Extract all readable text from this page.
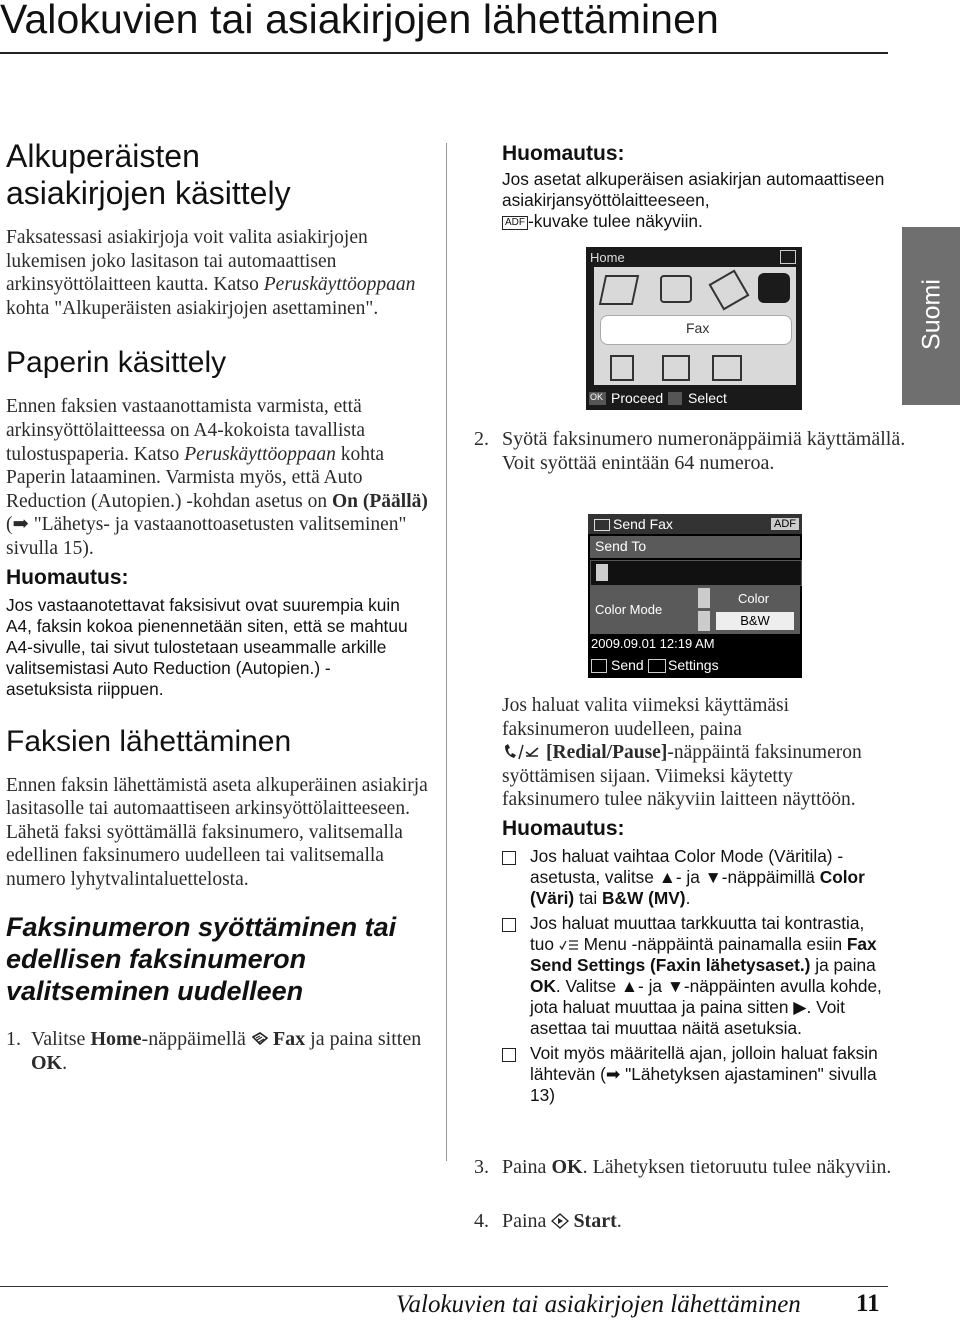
Valokuvien tai asiakirjojen lähettäminen
Alkuperäisten asiakirjojen käsittely

Faksatessasi asiakirjoja voit valita asiakirjojen lukemisen joko lasitason tai automaattisen arkinsyöttölaitteen kautta. Katso Peruskäyttöoppaan kohta "Alkuperäisten asiakirjojen asettaminen".

Paperin käsittely

Ennen faksien vastaanottamista varmista, että arkinsyöttölaitteessa on A4-kokoista tavallista tulostuspaperia. Katso Peruskäyttöoppaan kohta Paperin lataaminen. Varmista myös, että Auto Reduction (Autopien.) -kohdan asetus on On (Päällä) (➡ "Lähetys- ja vastaanottoasetusten valitseminen" sivulla 15).

Huomautus:

Jos vastaanotettavat faksisivut ovat suurempia kuin A4, faksin kokoa pienennetään siten, että se mahtuu A4-sivulle, tai sivut tulostetaan useammalle arkille valitsemistasi Auto Reduction (Autopien.) -asetuksista riippuen.

Faksien lähettäminen

Ennen faksin lähettämistä aseta alkuperäinen asiakirja lasitasolle tai automaattiseen arkinsyöttölaitteeseen. Lähetä faksi syöttämällä faksinumero, valitsemalla edellinen faksinumero uudelleen tai valitsemalla numero lyhytvalintaluettelosta.

Faksinumeron syöttäminen tai edellisen faksinumeron valitseminen uudelleen
1. Valitse Home-näppäimellä Fax ja paina sitten OK.

Huomautus:

Jos asetat alkuperäisen asiakirjan automaattiseen asiakirjansyöttölaitteeseen,
ADF -kuvake tulee näkyviin.

Home
Fax
OK Proceed Select
2. Syötä faksinumero numeronäppäimiä käyttämällä. Voit syöttää enintään 64 numeroa.
Send Fax	ADF
Send To
Color Mode
Color
B&W
2009.09.01 12:19 AM
Send Settings

Jos haluat valita viimeksi käyttämäsi faksinumeron uudelleen, paina
[Redial/Pause]-näppäintä faksinumeron syöttämisen sijaan. Viimeksi käytetty faksinumero tulee näkyviin laitteen näyttöön.

Huomautus:

Jos haluat vaihtaa Color Mode (Väritila) -asetusta, valitse ▲- ja ▼-näppäimillä Color (Väri) tai B&W (MV).
Jos haluat muuttaa tarkkuutta tai kontrastia, tuo  Menu -näppäintä painamalla esiin Fax Send Settings (Faxin lähetysaset.) ja paina OK. Valitse ▲- ja ▼-näppäinten avulla kohde, jota haluat muuttaa ja paina sitten ▶. Voit asettaa tai muuttaa näitä asetuksia.
Voit myös määritellä ajan, jolloin haluat faksin lähtevän (➡ "Lähetyksen ajastaminen" sivulla 13)
3. Paina OK. Lähetyksen tietoruutu tulee näkyviin.
4. Paina Start.
Suomi
Valokuvien tai asiakirjojen lähettäminen 11
